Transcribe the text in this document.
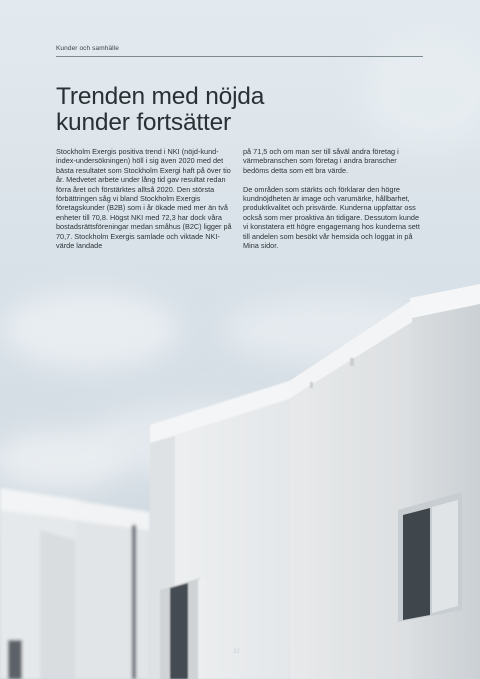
Kunder och samhälle
Trenden med nöjda
kunder fortsätter

Stockholm Exergis positiva trend i NKI (nöjd-kund-index-undersökningen) höll i sig även 2020 med det bästa resultatet som Stockholm Exergi haft på över tio år. Medvetet arbete under lång tid gav resultat redan förra året och förstärktes alltså 2020. Den största förbättringen såg vi bland Stockholm Exergis företagskunder (B2B) som i år ökade med mer än två enheter till 70,8. Högst NKI med 72,3 har dock våra bostadsrättsföreningar medan småhus (B2C) ligger på 70,7. Stockholm Exergis samlade och viktade NKI-värde landade

på 71,5 och om man ser till såväl andra företag i värmebranschen som företag i andra branscher bedöms detta som ett bra värde.

De områden som stärkts och förklarar den högre kundnöjdheten är image och varumärke, hållbarhet, produktkvalitet och prisvärde. Kunderna uppfattar oss också som mer proaktiva än tidigare. Dessutom kunde vi konstatera ett högre engagemang hos kunderna sett till andelen som besökt vår hemsida och loggat in på Mina sidor.

32
